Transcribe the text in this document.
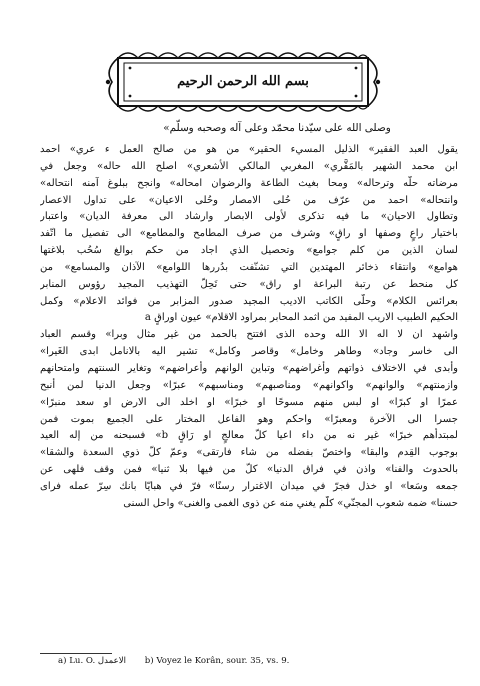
بسم الله الرحمن الرحيم
وصلى الله على سيّدنا محمّد وعلى آله وصحبه وسلّم»
يقول العبد الفقير» الذليل المسيء الحقير» من هو من صالح العمل ء عري» احمد
ابن محمد الشهير بالمَقَّري» المغربي المالكي الأشعري» اصلح الله حاله» وجعل في
مرضاته حلّه وترحاله» ومحا بغيث الطاعة والرضوان امحاله» وانجح ببلوغ آمنه انتحاله»
وانتحاله» احمد من عرّف من حُلى الامصار وحُلى الاعيان» على تداول الاعصار
وتطاول الاحيان» ما فيه تذكرى لأولى الابصار وارشاد الى معرفة الديان» واعتبار
باختيار راعٍ وصفها او راقٍ» وشرف من صرف المطامح والمطامع» الى تفصيل ما اتّفد
لسان الذين من كلم جوامع» وتحصيل الذي اجاد من حكم بوالغ سُحُب بلاغتها
هوامع» وانتقاء ذخائر المهتدين التي تشنّفت بدُررها اللوامع» الآذان والمسامع» من
كل منحط عن رتبة البراعة او راق» حتى تَحِلّ التهذيب المجيد رؤوس المنابر
بعرائس الكلام» وحلّى الكاتب الاديب المجيد صدور المزابر من فوائد الاعلام» وكمل
الحكيم الطبيب الاريب المفيد من اثمد المحابر بمراود الاقلام» عيون اوراقٍ a
واشهد ان لا اله الا الله وحده الذى افتتح بالحمد من غير مثال وبرا» وقسم العباد
الى خاسر وجاد» وطاهر وخامل» وقاصر وكامل» تشير اليه بالانامل ابدى الغَيرا»
وأبدى في الاختلاف ذواتهم وأغراضهم» وتباين الوانهم وأعراضهم» وتغاير السنتهم وامتحانهم
وازمنتهم» والوانهم» واكوانهم» ومناصبهم» ومناسبهم» عبرًا» وجعل الدنيا لمن أنبح
عمرًا او كبرًا» او لبس منهم مسوحًا او خبرًا» او اخلد الى الارض او سعد منبرًا»
جسرا الى الآخرة ومعبرًا» واحكم وهو الفاعل المختار على الجميع بموت فمن
لمبتدأهم خبرًا» غير نه من داء اعيا كلّ معالجٍ او رَاقٍ b» فسبحنه من إله العيد
بوجوب القِدم والبقا» واختصّ بفضله من شاء فارتقى» وعمّ كلّ ذوي السعدة والشقا»
بالحدوث والفنا» واذن في فراق الدنيا» كلّ من فيها بلا ثنيا» فمن وقف فلهى عن
جمعه وسَعا» او خذل فجرّ في ميدان الاغترار رسنًا» فرّ في هبايّا بانك سِرّ عمله فراى
حسنا» ضمه شعوب المجنّي» كلّم يغني منه عن ذوى الغمى والغنى» واحل السنى
a) Lu. O. الاعمدل b) Voyez le Korân, sour. 35, vs. 9.
